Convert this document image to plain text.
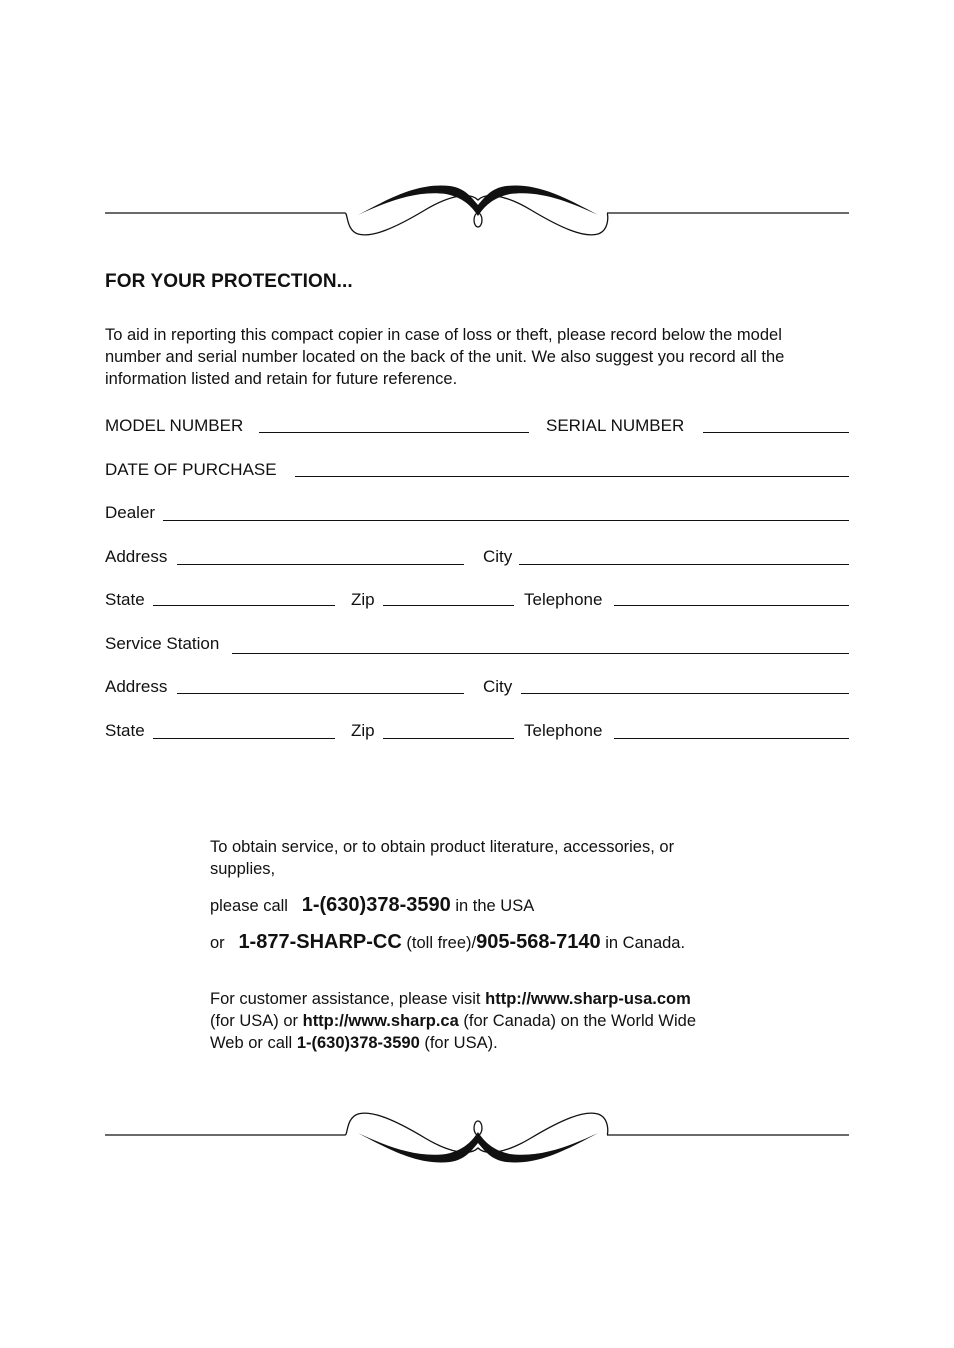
FOR YOUR PROTECTION...
To aid in reporting this compact copier in case of loss or theft, please record below the model
number and serial number located on the back of the unit. We also suggest you record all the
information listed and retain for future reference.
MODEL NUMBER	SERIAL NUMBER
DATE OF PURCHASE
Dealer
Address	City
State	Zip	Telephone
Service Station
Address	City
State	Zip	Telephone
To obtain service, or to obtain product literature, accessories, or
supplies,
please call 1-(630)378-3590 in the USA
or 1-877-SHARP-CC (toll free)/905-568-7140 in Canada.
For customer assistance, please visit http://www.sharp-usa.com
(for USA) or http://www.sharp.ca (for Canada) on the World Wide
Web or call 1-(630)378-3590 (for USA).
